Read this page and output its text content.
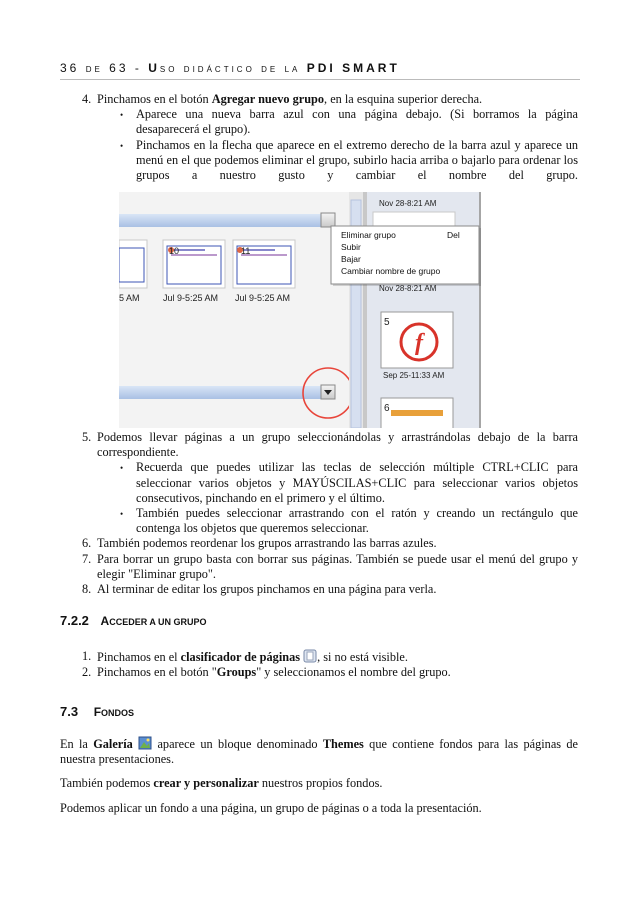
36 DE 63 - USO DIDÁCTICO DE LA PDI SMART
4. Pinchamos en el botón Agregar nuevo grupo, en la esquina superior derecha.

• Aparece una nueva barra azul con una página debajo. (Si borramos la página desaparecerá el grupo).

• Pinchamos en la flecha que aparece en el extremo derecho de la barra azul y aparece un menú en el que podemos eliminar el grupo, subirlo hacia arriba o bajarlo para ordenar los grupos a nuestro gusto y cambiar el nombre del grupo.

10	11
5 AM	Jul 9-5:25 AM Jul 9-5:25 AM
Nov 28-8:21 AM
Nov 28-8:21 AM
f
5
Sep 25-11:33 AM
6
Eliminar grupo	Del
Subir
Bajar
Cambiar nombre de grupo
5. Podemos llevar páginas a un grupo seleccionándolas y arrastrándolas debajo de la barra correspondiente.

• Recuerda que puedes utilizar las teclas de selección múltiple CTRL+CLIC para seleccionar varios objetos y MAYÚSCILAS+CLIC para seleccionar varios objetos consecutivos, pinchando en el primero y el último.

• También puedes seleccionar arrastrando con el ratón y creando un rectángulo que contenga los objetos que queremos seleccionar.

6. También podemos reordenar los grupos arrastrando las barras azules.

7. Para borrar un grupo basta con borrar sus páginas. También se puede usar el menú del grupo y elegir "Eliminar grupo".

8. Al terminar de editar los grupos pinchamos en una página para verla.

7.2.2 ACCEDER A UN GRUPO
1. Pinchamos en el clasificador de páginas , si no está visible.

2. Pinchamos en el botón "Groups" y seleccionamos el nombre del grupo.

7.3 FONDOS

En la Galería  aparece un bloque denominado Themes que contiene fondos para las páginas de nuestra presentaciones.

También podemos crear y personalizar nuestros propios fondos.

Podemos aplicar un fondo a una página, un grupo de páginas o a toda la presentación.
